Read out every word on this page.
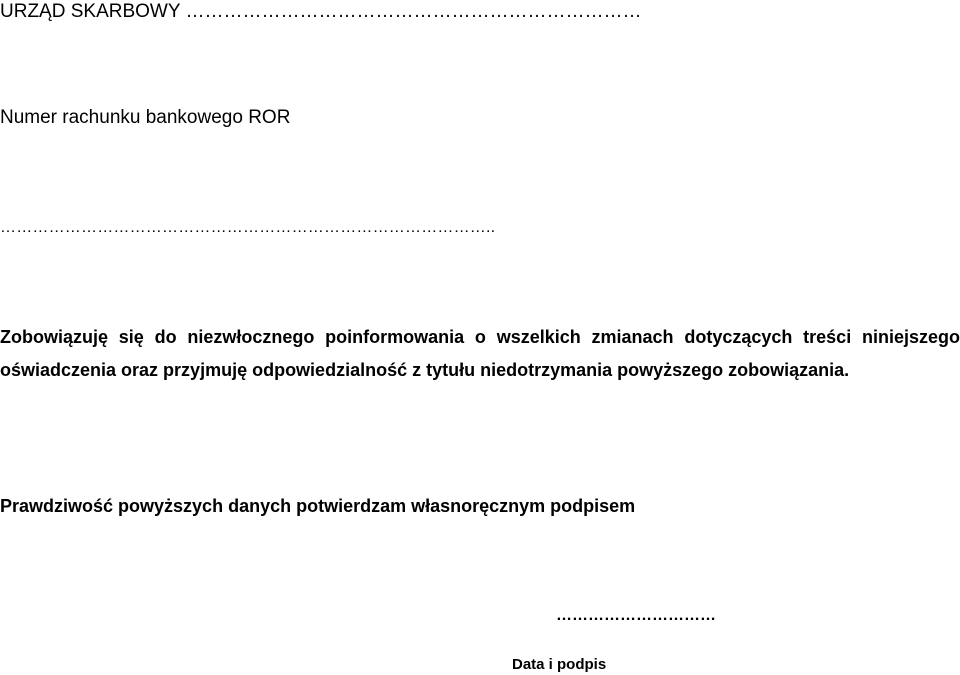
URZĄD SKARBOWY ………………………………………………………………
Numer rachunku bankowego ROR
………………………………………………………………………………..

Zobowiązuję się do niezwłocznego poinformowania o wszelkich zmianach dotyczących treści niniejszego oświadczenia oraz przyjmuję odpowiedzialność z tytułu niedotrzymania powyższego zobowiązania.

Prawdziwość powyższych danych potwierdzam własnoręcznym podpisem
…………………………
Data i podpis
